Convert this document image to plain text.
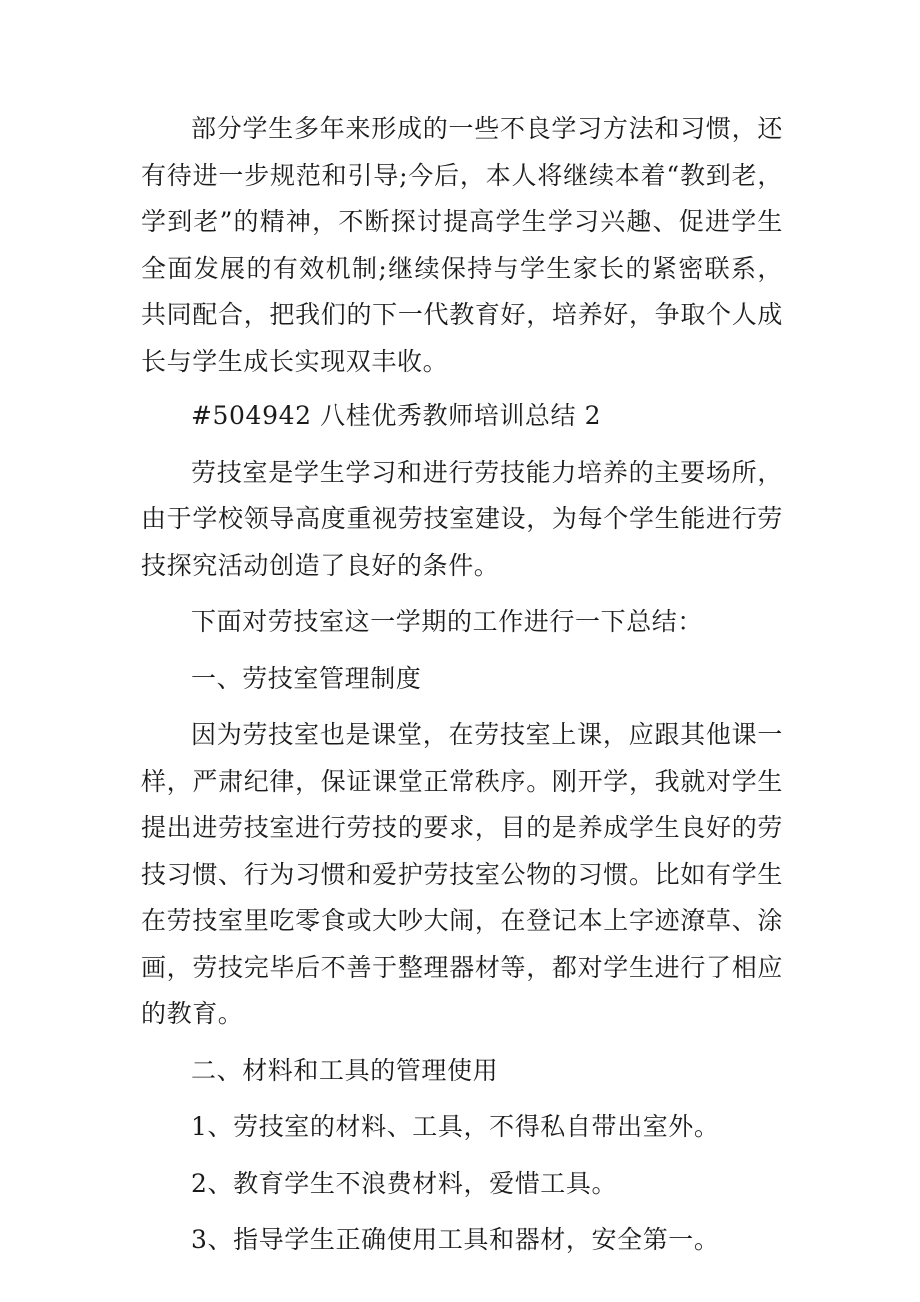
部分学生多年来形成的一些不良学习方法和习惯，还有待进一步规范和引导;今后，本人将继续本着“教到老，学到老”的精神，不断探讨提高学生学习兴趣、促进学生全面发展的有效机制;继续保持与学生家长的紧密联系，共同配合，把我们的下一代教育好，培养好，争取个人成长与学生成长实现双丰收。

#504942 八桂优秀教师培训总结 2

劳技室是学生学习和进行劳技能力培养的主要场所，由于学校领导高度重视劳技室建设，为每个学生能进行劳技探究活动创造了良好的条件。

下面对劳技室这一学期的工作进行一下总结：

一、劳技室管理制度

因为劳技室也是课堂，在劳技室上课，应跟其他课一样，严肃纪律，保证课堂正常秩序。刚开学，我就对学生提出进劳技室进行劳技的要求，目的是养成学生良好的劳技习惯、行为习惯和爱护劳技室公物的习惯。比如有学生在劳技室里吃零食或大吵大闹，在登记本上字迹潦草、涂画，劳技完毕后不善于整理器材等，都对学生进行了相应的教育。

二、材料和工具的管理使用

1、劳技室的材料、工具，不得私自带出室外。

2、教育学生不浪费材料，爱惜工具。

3、指导学生正确使用工具和器材，安全第一。
